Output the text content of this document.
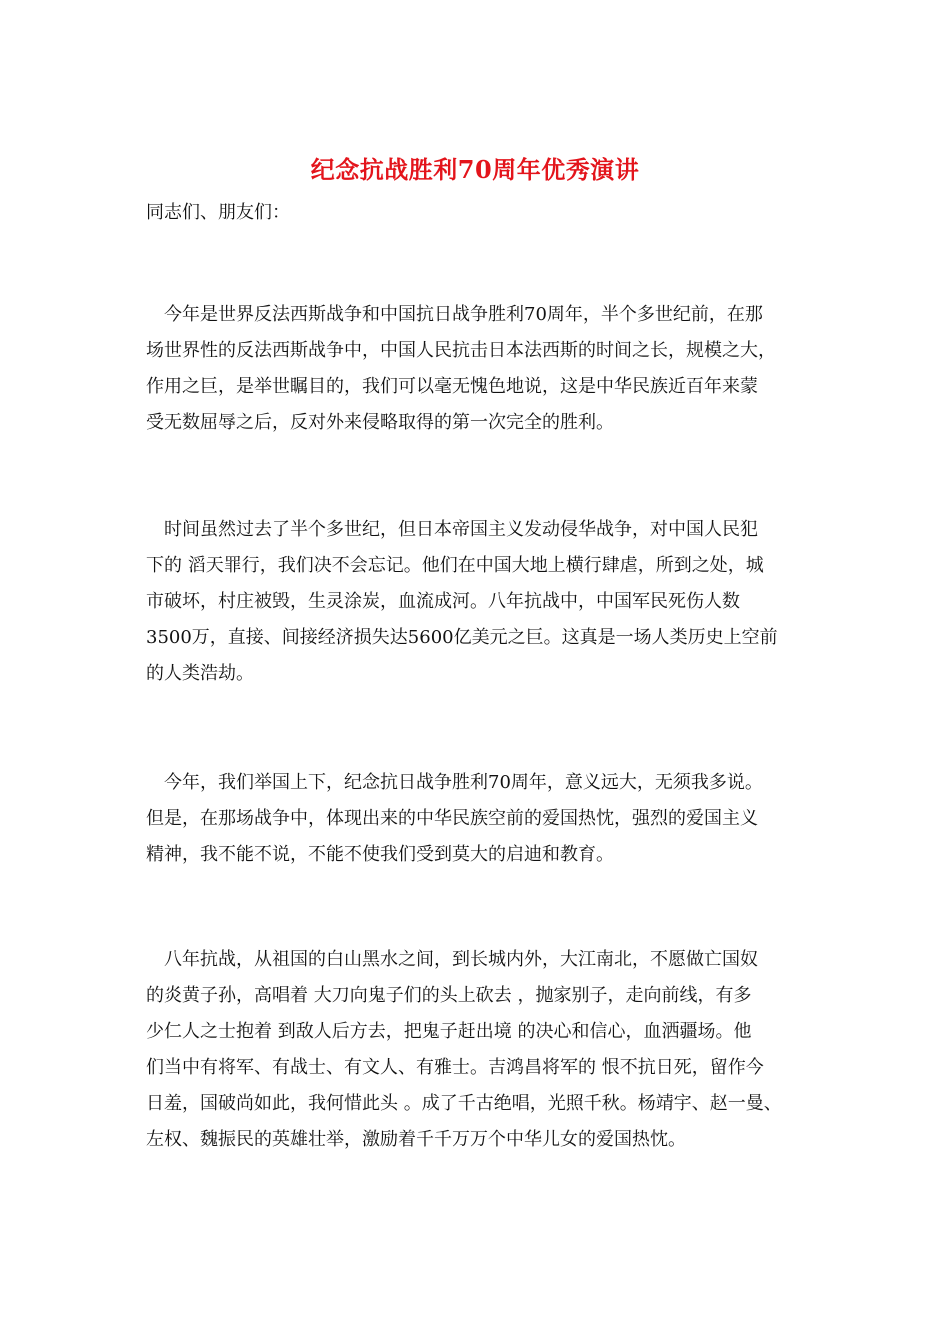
纪念抗战胜利70周年优秀演讲
同志们、朋友们：
今年是世界反法西斯战争和中国抗日战争胜利70周年，半个多世纪前，在那
场世界性的反法西斯战争中，中国人民抗击日本法西斯的时间之长，规模之大，
作用之巨，是举世瞩目的，我们可以毫无愧色地说，这是中华民族近百年来蒙
受无数屈辱之后，反对外来侵略取得的第一次完全的胜利。
时间虽然过去了半个多世纪，但日本帝国主义发动侵华战争，对中国人民犯
下的 滔天罪行，我们决不会忘记。他们在中国大地上横行肆虐，所到之处，城
市破坏，村庄被毁，生灵涂炭，血流成河。八年抗战中，中国军民死伤人数
3500万，直接、间接经济损失达5600亿美元之巨。这真是一场人类历史上空前
的人类浩劫。
今年，我们举国上下，纪念抗日战争胜利70周年，意义远大，无须我多说。
但是，在那场战争中，体现出来的中华民族空前的爱国热忱，强烈的爱国主义
精神，我不能不说，不能不使我们受到莫大的启迪和教育。
八年抗战，从祖国的白山黑水之间，到长城内外，大江南北，不愿做亡国奴
的炎黄子孙，高唱着 大刀向鬼子们的头上砍去 ，抛家别子，走向前线，有多
少仁人之士抱着 到敌人后方去，把鬼子赶出境 的决心和信心，血洒疆场。他
们当中有将军、有战士、有文人、有雅士。吉鸿昌将军的 恨不抗日死，留作今
日羞，国破尚如此，我何惜此头 。成了千古绝唱，光照千秋。杨靖宇、赵一曼、
左权、魏振民的英雄壮举，激励着千千万万个中华儿女的爱国热忱。
